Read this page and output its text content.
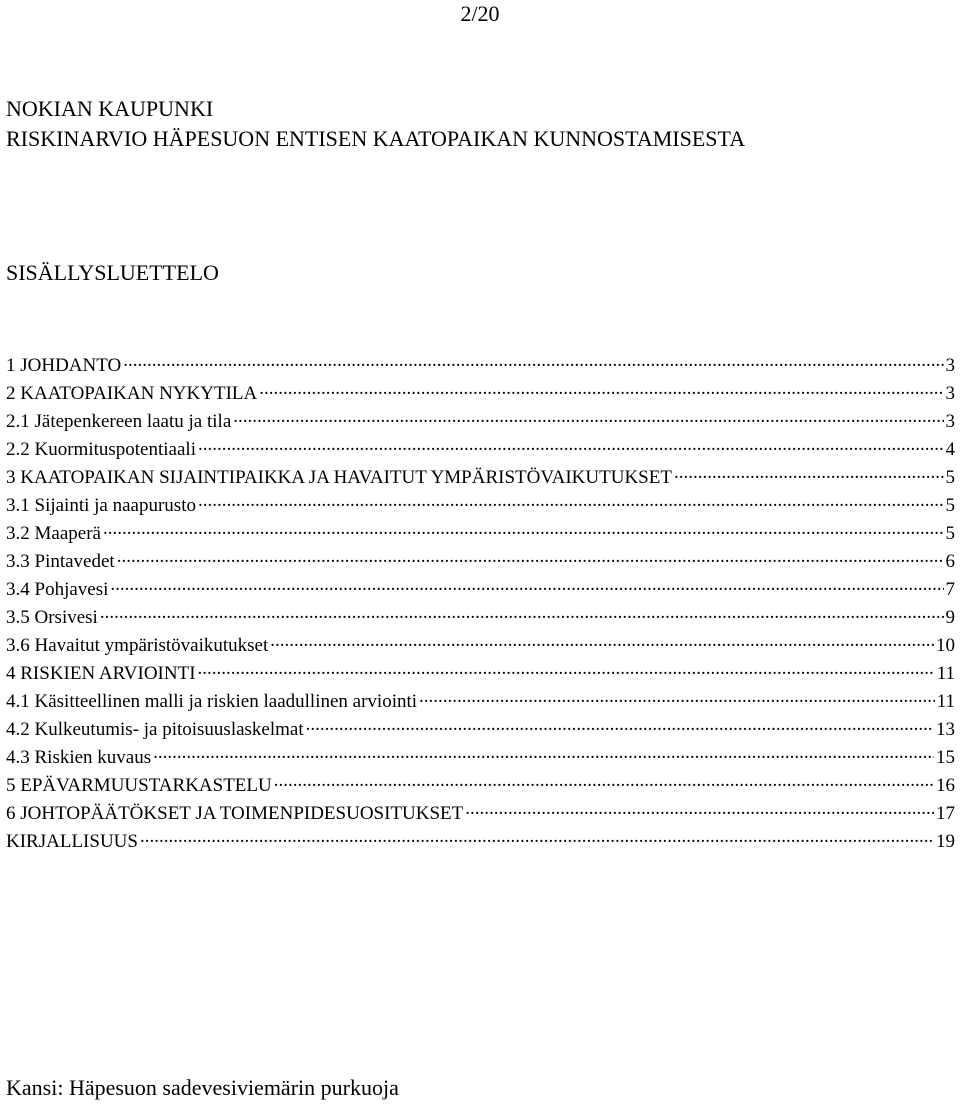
2/20
NOKIAN KAUPUNKI
RISKINARVIO HÄPESUON ENTISEN KAATOPAIKAN KUNNOSTAMISESTA
SISÄLLYSLUETTELO
1 JOHDANTO .....	3
2 KAATOPAIKAN NYKYTILA .....	3
2.1 Jätepenkereen laatu ja tila .....	3
2.2 Kuormituspotentiaali .....	4
3 KAATOPAIKAN SIJAINTIPAIKKA JA HAVAITUT YMPÄRISTÖVAIKUTUKSET .....	5
3.1 Sijainti ja naapurusto .....	5
3.2 Maaperä .....	5
3.3 Pintavedet .....	6
3.4 Pohjavesi .....	7
3.5 Orsivesi .....	9
3.6 Havaitut ympäristövaikutukset .....	10
4 RISKIEN ARVIOINTI .....	11
4.1 Käsitteellinen malli ja riskien laadullinen arviointi .....	11
4.2 Kulkeutumis- ja pitoisuuslaskelmat .....	13
4.3 Riskien kuvaus .....	15
5 EPÄVARMUUSTARKASTELU .....	16
6 JOHTOPÄÄTÖKSET JA TOIMENPIDESUOSITUKSET .....	17
KIRJALLISUUS .....	19
Kansi: Häpesuon sadevesiviemärin purkuoja
